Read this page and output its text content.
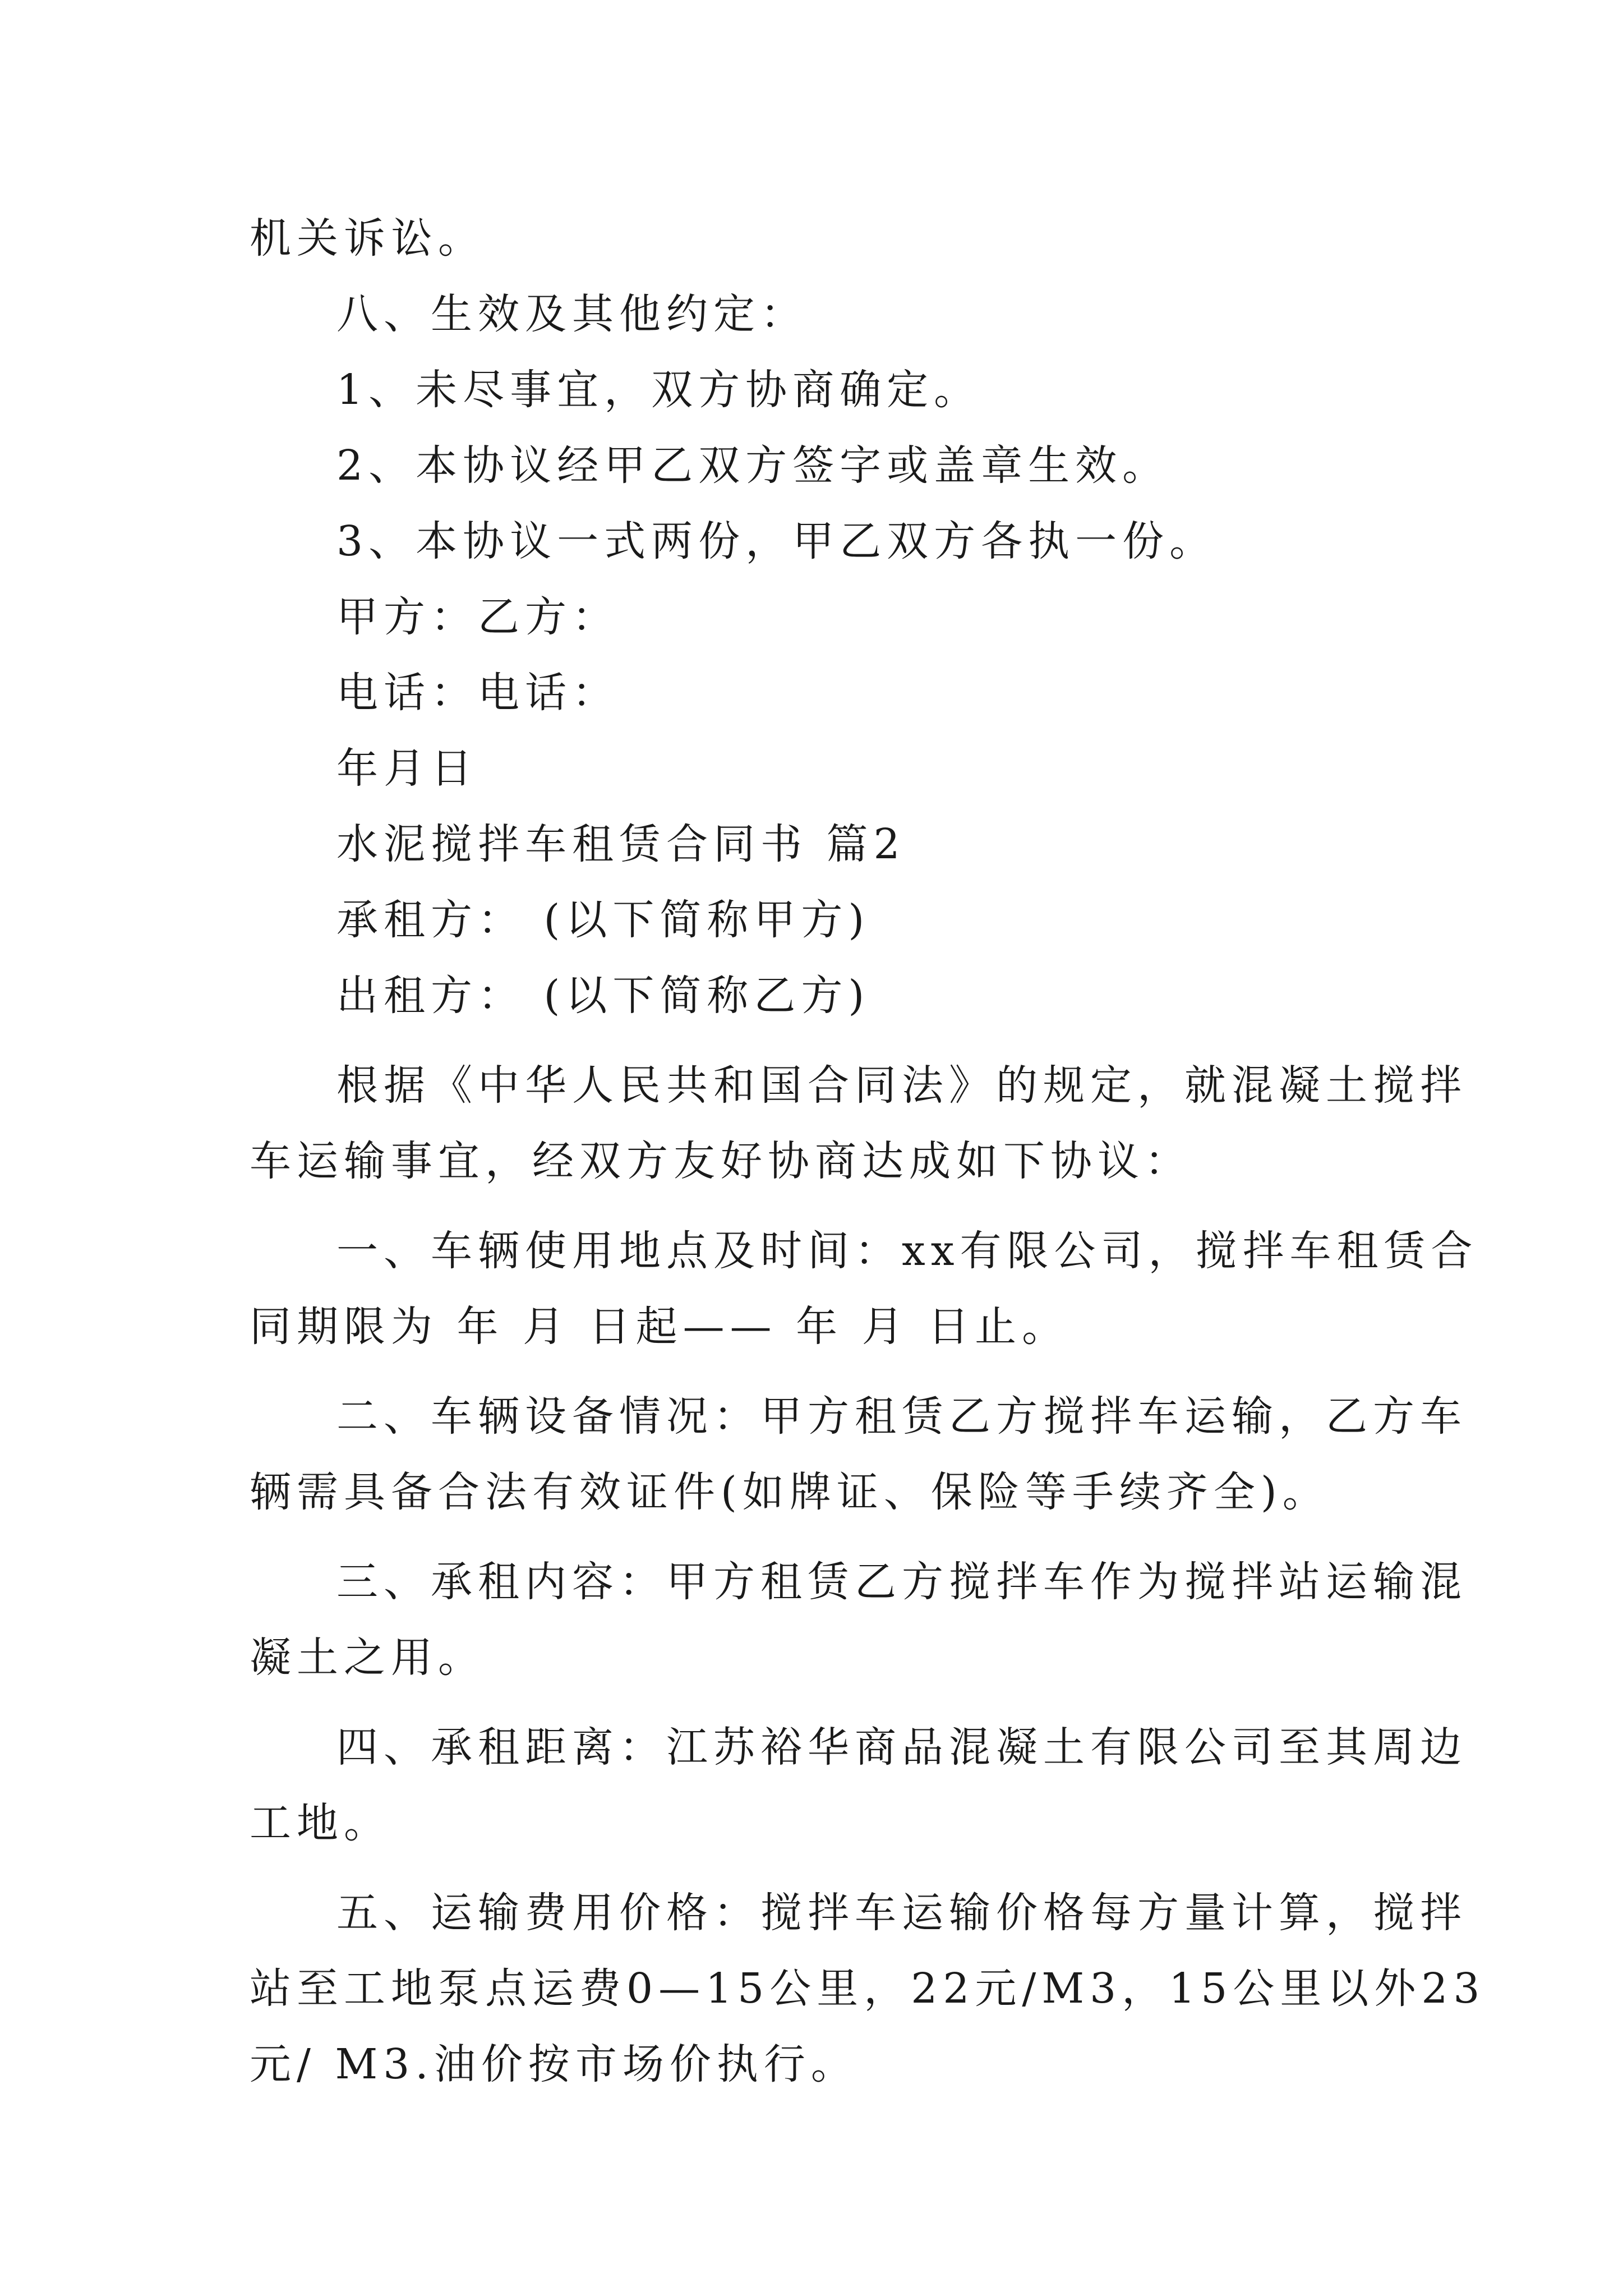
机关诉讼。

八、生效及其他约定：

1、未尽事宜，双方协商确定。

2、本协议经甲乙双方签字或盖章生效。

3、本协议一式两份，甲乙双方各执一份。

甲方：乙方：

电话：电话：

年月日

水泥搅拌车租赁合同书 篇2

承租方： (以下简称甲方)

出租方： (以下简称乙方)

根据《中华人民共和国合同法》的规定，就混凝土搅拌

车运输事宜，经双方友好协商达成如下协议：

一、车辆使用地点及时间：xx有限公司，搅拌车租赁合

同期限为 年 月 日起—— 年 月 日止。

二、车辆设备情况：甲方租赁乙方搅拌车运输，乙方车

辆需具备合法有效证件(如牌证、保险等手续齐全)。

三、承租内容：甲方租赁乙方搅拌车作为搅拌站运输混

凝土之用。

四、承租距离：江苏裕华商品混凝土有限公司至其周边

工地。

五、运输费用价格：搅拌车运输价格每方量计算，搅拌

站至工地泵点运费0—15公里，22元/M3，15公里以外23

元/ M3.油价按市场价执行。
